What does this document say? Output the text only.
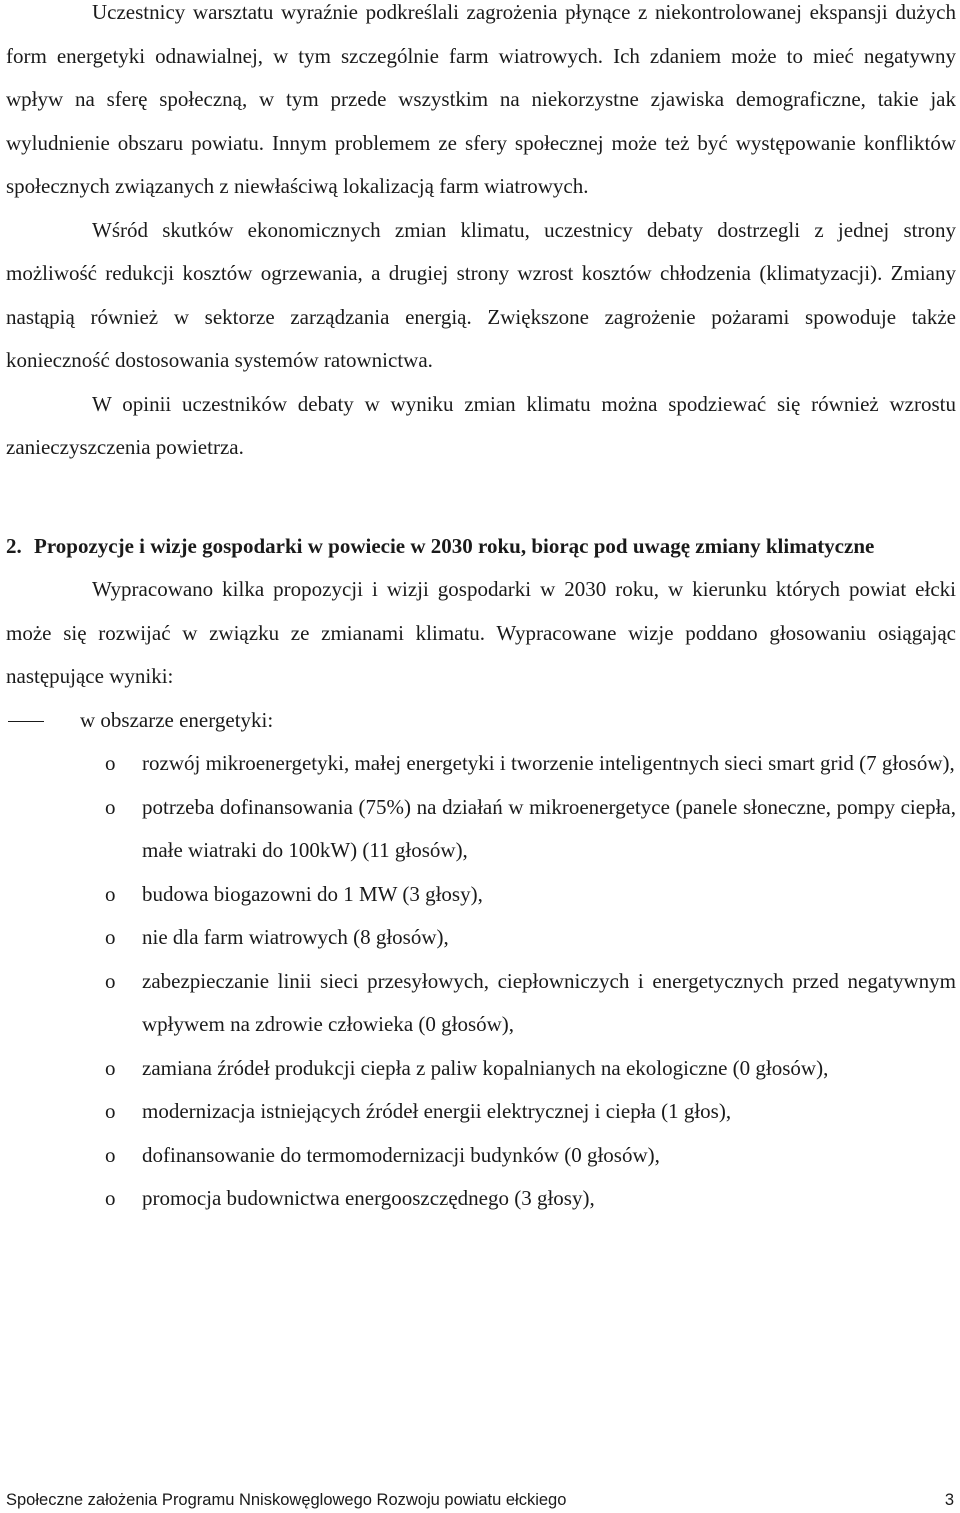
Uczestnicy warsztatu wyraźnie podkreślali zagrożenia płynące z niekontrolowanej ekspansji dużych form energetyki odnawialnej, w tym szczególnie farm wiatrowych. Ich zdaniem może to mieć negatywny wpływ na sferę społeczną, w tym przede wszystkim na niekorzystne zjawiska demograficzne, takie jak wyludnienie obszaru powiatu. Innym problemem ze sfery społecznej może też być występowanie konfliktów społecznych związanych z niewłaściwą lokalizacją farm wiatrowych.

Wśród skutków ekonomicznych zmian klimatu, uczestnicy debaty dostrzegli z jednej strony możliwość redukcji kosztów ogrzewania, a drugiej strony wzrost kosztów chłodzenia (klimatyzacji). Zmiany nastąpią również w sektorze zarządzania energią. Zwiększone zagrożenie pożarami spowoduje także konieczność dostosowania systemów ratownictwa.

W opinii uczestników debaty w wyniku zmian klimatu można spodziewać się również wzrostu zanieczyszczenia powietrza.

2. Propozycje i wizje gospodarki w powiecie w 2030 roku, biorąc pod uwagę zmiany klimatyczne

Wypracowano kilka propozycji i wizji gospodarki w 2030 roku, w kierunku których powiat ełcki może się rozwijać w związku ze zmianami klimatu. Wypracowane wizje poddano głosowaniu osiągając następujące wyniki:

w obszarze energetyki:
o rozwój mikroenergetyki, małej energetyki i tworzenie inteligentnych sieci smart grid (7 głosów),
o potrzeba dofinansowania (75%) na działań w mikroenergetyce (panele słoneczne, pompy ciepła, małe wiatraki do 100kW) (11 głosów),
o budowa biogazowni do 1 MW (3 głosy),
o nie dla farm wiatrowych (8 głosów),
o zabezpieczanie linii sieci przesyłowych, ciepłowniczych i energetycznych przed negatywnym wpływem na zdrowie człowieka (0 głosów),
o zamiana źródeł produkcji ciepła z paliw kopalnianych na ekologiczne (0 głosów),
o modernizacja istniejących źródeł energii elektrycznej i ciepła (1 głos),
o dofinansowanie do termomodernizacji budynków (0 głosów),
o promocja budownictwa energooszczędnego (3 głosy),
Społeczne założenia Programu Nniskowęglowego Rozwoju powiatu ełckiego	3
